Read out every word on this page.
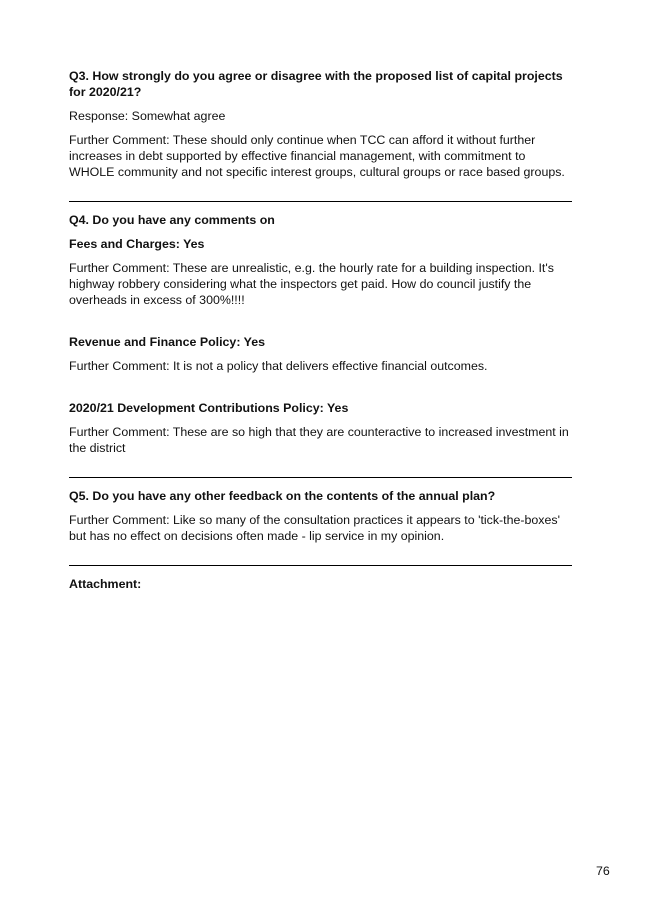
Q3. How strongly do you agree or disagree with the proposed list of capital projects for 2020/21?

Response: Somewhat agree

Further Comment: These should only continue when TCC can afford it without further increases in debt supported by effective financial management, with commitment to WHOLE community and not specific interest groups, cultural groups or race based groups.

Q4. Do you have any comments on

Fees and Charges: Yes

Further Comment: These are unrealistic, e.g. the hourly rate for a building inspection. It's highway robbery considering what the inspectors get paid. How do council justify the overheads in excess of 300%!!!!

Revenue and Finance Policy: Yes

Further Comment: It is not a policy that delivers effective financial outcomes.

2020/21 Development Contributions Policy: Yes

Further Comment: These are so high that they are counteractive to increased investment in the district

Q5. Do you have any other feedback on the contents of the annual plan?

Further Comment: Like so many of the consultation practices it appears to 'tick-the-boxes' but has no effect on decisions often made - lip service in my opinion.

Attachment:

76
